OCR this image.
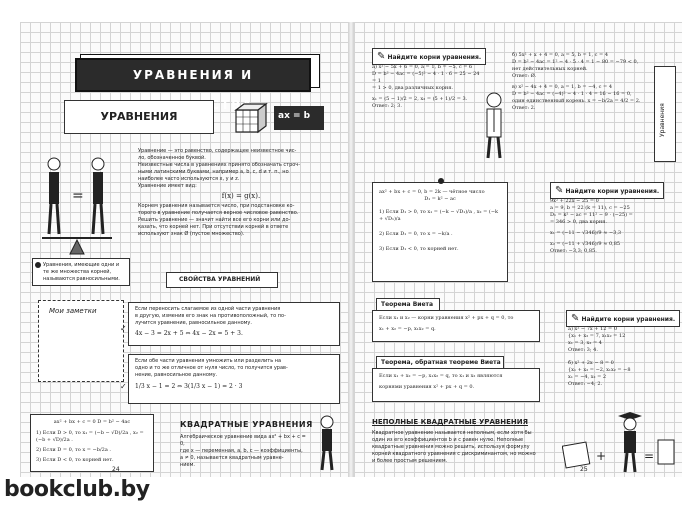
УРАВНЕНИЯ И
УРАВНЕНИЯ	ax = b
=
Уравнение — это равенство, содержащее неизвестное чис-
ло, обозначенное буквой.
Неизвестные числа в уравнениях принято обозначать строч-
ными латинскими буквами, например a, b, c, d и т. п., но
наиболее часто используются x, y и z.
Уравнение имеет вид:
f(x) = g(x).
Корнем уравнения называется число, при подстановке ко-
торого в уравнение получается верное числовое равенство.
Решить уравнение — значит найти все его корни или до-
казать, что корней нет. При отсутствии корней в ответе
используют знак Ø (пустое множество).
Уравнения, имеющие одни и те же множества корней, называются равносильными.
Мои заметки
СВОЙСТВА УРАВНЕНИЙ
Если переносить слагаемое из одной части уравнения
в другую, изменив его знак на противоположный, то по-
лучится уравнение, равносильное данному.
4x − 3 = 2x + 5 ⇔ 4x − 2x = 5 + 3.
✓
Если обе части уравнения умножить или разделить на
одно и то же отличное от нуля число, то получится урав-
нение, равносильное данному.
1/3 x − 1 = 2 ⇔ 3(1/3 x − 1) = 2 · 3
✓
ax² + bx + c = 0 D = b² − 4ac
1) Если D > 0, то x₁ = (−b − √D)/2a , x₂ = (−b + √D)/2a .
2) Если D = 0, то x = −b/2a .
3) Если D < 0, то корней нет.
КВАДРАТНЫЕ УРАВНЕНИЯ
Алгебраическое уравнение вида ax² + bx + c = 0,
где x — переменная, a, b, c — коэффициенты,
a ≠ 0, называется квадратным уравне-
нием.
24
✎ Найдите корни уравнения.
а) x² − 5x + 6 = 0, a = 1, b = −5, c = 6
D = b² − 4ac = (−5)² − 4 · 1 · 6 = 25 − 24 = 1
= 1 > 0, два различных корня.
x₁ = (5 − 1)/2 = 2, x₂ = (5 + 1)/2 = 3.
Ответ: 2; 3.
б) 5x² + x + 4 = 0, a = 5, b = 1, c = 4
D = b² − 4ac = 1² − 4 · 5 · 4 = 1 − 80 = −79 < 0,
нет действительных корней.
Ответ: Ø.
в) x² − 4x + 4 = 0, a = 1, b = −4, c = 4
D = b² − 4ac = (−4)² − 4 · 1 · 4 = 16 − 16 = 0,
один единственный корень. x = −b/2a = 4/2 = 2.
Ответ: 2.	Уравнения
ax² + bx + c = 0, b = 2k — чётное число
D₁ = k² − ac
1) Если D₁ > 0, то x₁ = (−k − √D₁)/a , x₂ = (−k + √D₁)/a
2) Если D₁ = 0, то x = −k/a .
3) Если D₁ < 0, то корней нет.
✎ Найдите корни уравнения.
9x² + 22x − 25 = 0
a = 9, b = 22 (k = 11), c = −25
D₁ = k² − ac = 11² − 9 · (−25) =
= 346 > 0, два корня.
x₁ = (−11 − √346)/9 ≈ −3,3
x₂ = (−11 + √346)/9 ≈ 0,85
Ответ: −3,3; 0,85.
Теорема Виета
Если x₁ и x₂ — корни уравнения x² + px + q = 0, то
x₁ + x₂ = −p, x₁x₂ = q.
Теорема, обратная теореме Виета
Если x₁ + x₂ = −p, x₁x₂ = q, то x₁ и x₂ являются
корнями уравнения x² + px + q = 0.
✎ Найдите корни уравнения.
а) x² − 7x + 12 = 0
{x₁ + x₂ = 7, x₁x₂ = 12
x₁ = 3, x₂ = 4
Ответ: 3; 4.
б) x² + 2x − 8 = 0
{x₁ + x₂ = −2, x₁x₂ = −8
x₁ = −4, x₂ = 2
Ответ: −4; 2.
НЕПОЛНЫЕ КВАДРАТНЫЕ УРАВНЕНИЯ
Квадратное уравнение называется неполным, если хотя бы
один из его коэффициентов b и c равен нулю. Неполные
квадратные уравнения можно решить, используя формулу
корней квадратного уравнения с дискриминантом, но можно
и более простым решением.	+	=
25
bookclub.by
